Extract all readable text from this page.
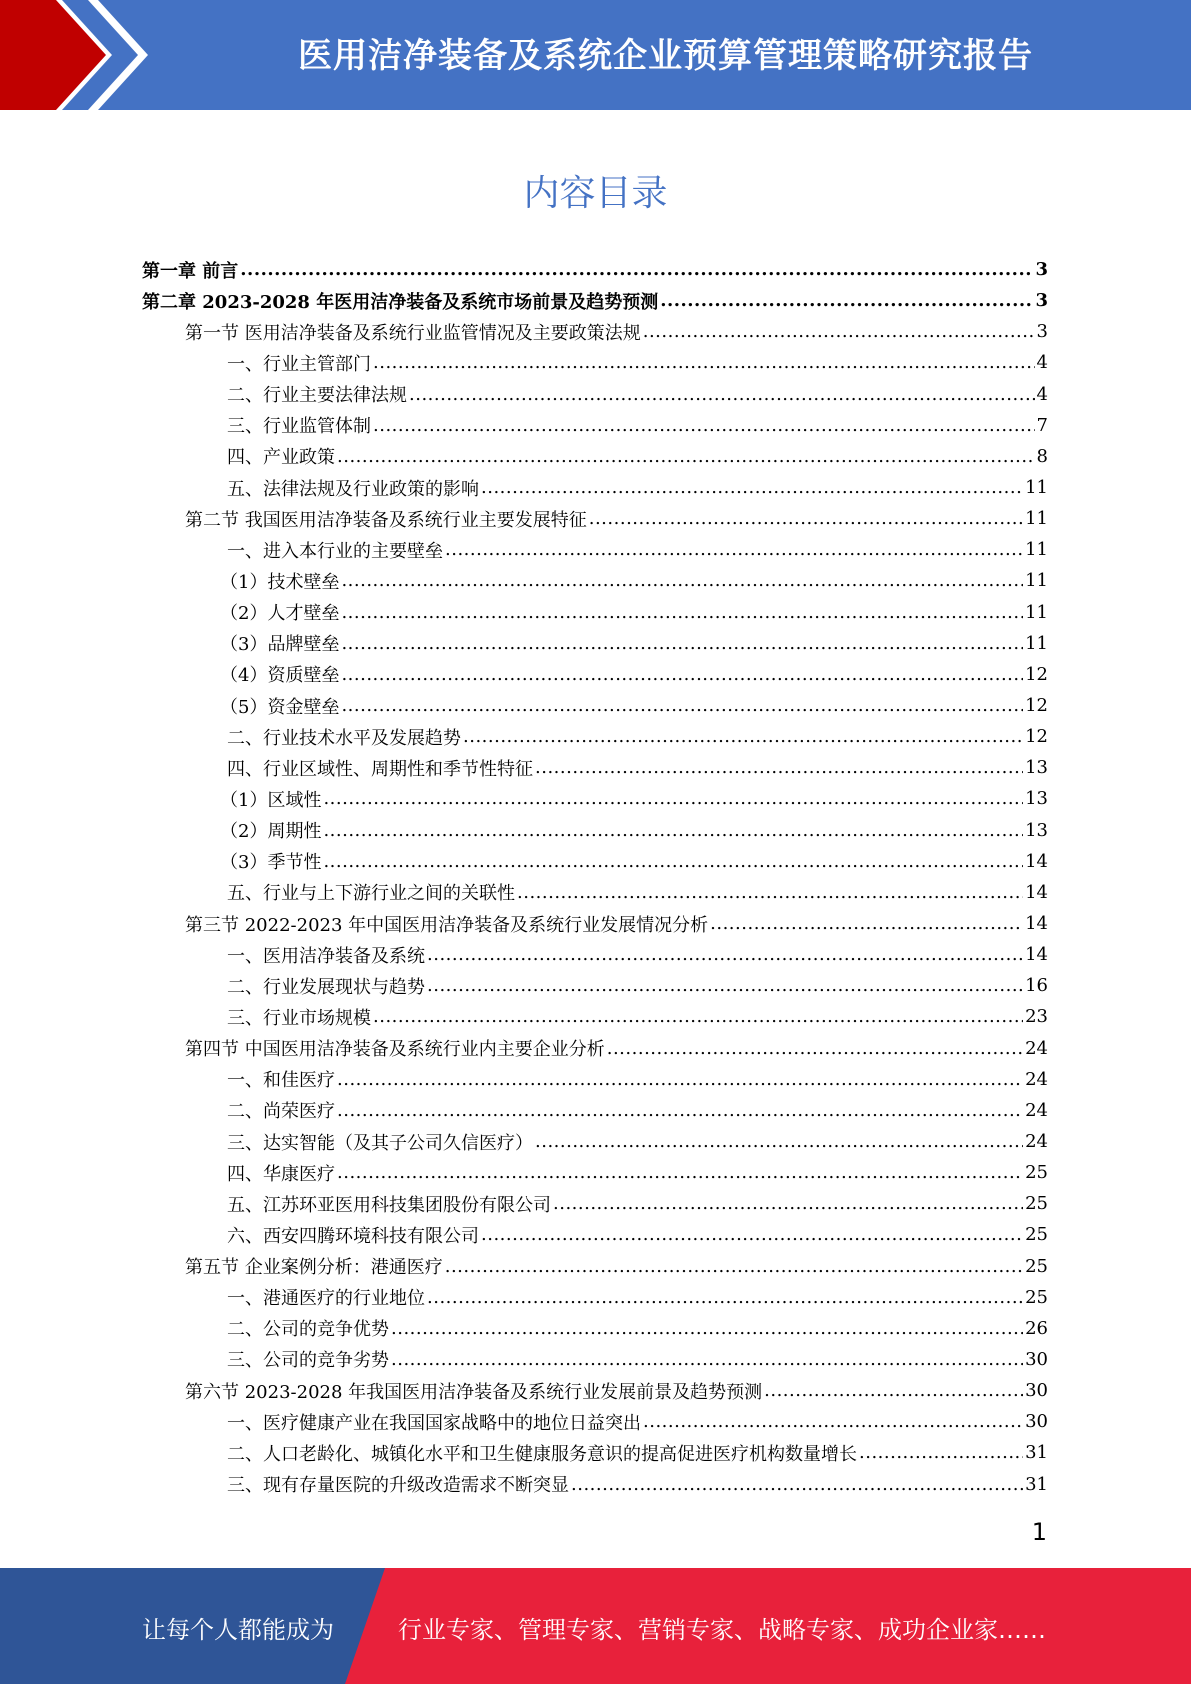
医用洁净装备及系统企业预算管理策略研究报告
内容目录
第一章 前言 .....	3
第二章 2023-2028 年医用洁净装备及系统市场前景及趋势预测 .....	3
第一节 医用洁净装备及系统行业监管情况及主要政策法规 .....	3
一、行业主管部门 .....	4
二、行业主要法律法规 .....	4
三、行业监管体制 .....	7
四、产业政策 .....	8
五、法律法规及行业政策的影响 .....	11
第二节 我国医用洁净装备及系统行业主要发展特征 .....	11
一、进入本行业的主要壁垒 .....	11
（1）技术壁垒 .....	11
（2）人才壁垒 .....	11
（3）品牌壁垒 .....	11
（4）资质壁垒 .....	12
（5）资金壁垒 .....	12
二、行业技术水平及发展趋势 .....	12
四、行业区域性、周期性和季节性特征 .....	13
（1）区域性 .....	13
（2）周期性 .....	13
（3）季节性 .....	14
五、行业与上下游行业之间的关联性 .....	14
第三节 2022-2023 年中国医用洁净装备及系统行业发展情况分析 .....	14
一、医用洁净装备及系统 .....	14
二、行业发展现状与趋势 .....	16
三、行业市场规模 .....	23
第四节 中国医用洁净装备及系统行业内主要企业分析 .....	24
一、和佳医疗 .....	24
二、尚荣医疗 .....	24
三、达实智能（及其子公司久信医疗） .....	24
四、华康医疗 .....	25
五、江苏环亚医用科技集团股份有限公司 .....	25
六、西安四腾环境科技有限公司 .....	25
第五节 企业案例分析：港通医疗 .....	25
一、港通医疗的行业地位 .....	25
二、公司的竞争优势 .....	26
三、公司的竞争劣势 .....	30
第六节 2023-2028 年我国医用洁净装备及系统行业发展前景及趋势预测 .....	30
一、医疗健康产业在我国国家战略中的地位日益突出 .....	30
二、人口老龄化、城镇化水平和卫生健康服务意识的提高促进医疗机构数量增长 .....	31
三、现有存量医院的升级改造需求不断突显 .....	31
1
让每个人都能成为	行业专家、管理专家、营销专家、战略专家、成功企业家……
